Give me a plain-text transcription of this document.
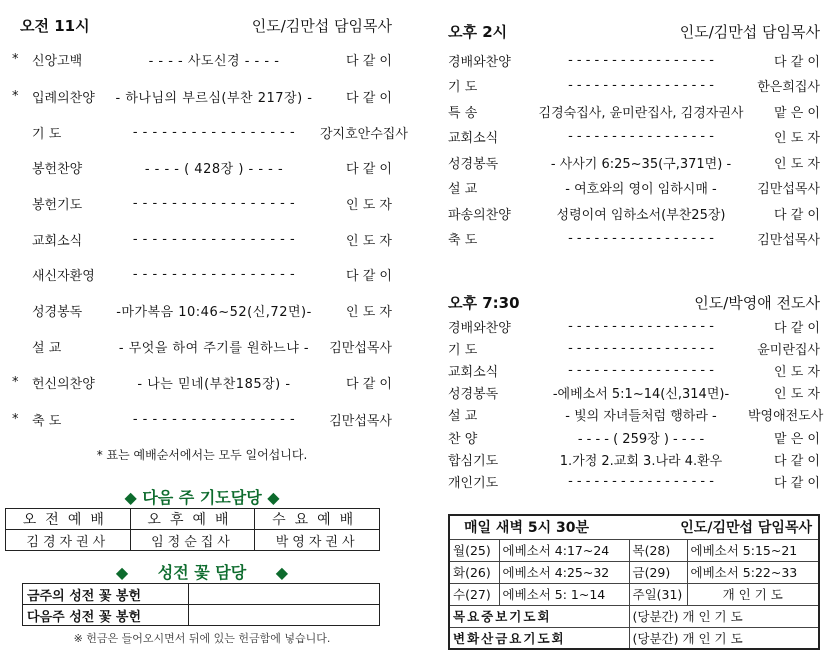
오전 11시	인도/김만섭 담임목사
*	신앙고백	- - - - 사도신경 - - - -	다 같 이
*	입례의찬양	- 하나님의 부르심(부찬 217장) -	다 같 이
기 도	- - - - - - - - - - - - - - - - -	강지호안수집사
봉헌찬양	- - - - ( 428장 ) - - - -	다 같 이
봉헌기도	- - - - - - - - - - - - - - - - -	인 도 자
교회소식	- - - - - - - - - - - - - - - - -	인 도 자
새신자환영	- - - - - - - - - - - - - - - - -	다 같 이
성경봉독	-마가복음 10:46~52(신,72면)-	인 도 자
설 교	- 무엇을 하여 주기를 원하느냐 -	김만섭목사
*	헌신의찬양	- 나는 믿네(부찬185장) -	다 같 이
*	축 도	- - - - - - - - - - - - - - - - -	김만섭목사
* 표는 예배순서에서는 모두 일어섭니다.
◆ 다음 주 기도담당 ◆
오전예배	오후예배	수요예배
김경자권사	임정순집사	박영자권사
◆ 성전 꽃 담당 ◆
금주의 성전 꽃 봉헌	
다음주 성전 꽃 봉헌	
※ 헌금은 들어오시면서 뒤에 있는 헌금함에 넣습니다.
오후 2시	인도/김만섭 담임목사
경배와찬양	- - - - - - - - - - - - - - - - -	다 같 이
기 도	- - - - - - - - - - - - - - - - -	한은희집사
특 송	김경숙집사, 윤미란집사, 김경자권사	맡 은 이
교회소식	- - - - - - - - - - - - - - - - -	인 도 자
성경봉독	- 사사기 6:25~35(구,371면) -	인 도 자
설 교	- 여호와의 영이 임하시매 -	김만섭목사
파송의찬양	성령이여 임하소서(부찬25장)	다 같 이
축 도	- - - - - - - - - - - - - - - - -	김만섭목사
오후 7:30	인도/박영애 전도사
경배와찬양	- - - - - - - - - - - - - - - - -	다 같 이
기 도	- - - - - - - - - - - - - - - - -	윤미란집사
교회소식	- - - - - - - - - - - - - - - - -	인 도 자
성경봉독	-에베소서 5:1~14(신,314면)-	인 도 자
설 교	- 빛의 자녀들처럼 행하라 -	박영애전도사
찬 양	- - - - ( 259장 ) - - - -	맡 은 이
합심기도	1.가정 2.교회 3.나라 4.환우	다 같 이
개인기도	- - - - - - - - - - - - - - - - -	다 같 이
매일 새벽 5시 30분		인도/김만섭 담임목사	
월(25)	에베소서 4:17~24	목(28)	에베소서 5:15~21
화(26)	에베소서 4:25~32	금(29)	에베소서 5:22~33
수(27)	에베소서 5: 1~14	주일(31)	개 인 기 도
목요중보기도회		(당분간) 개 인 기 도	
변화산금요기도회		(당분간) 개 인 기 도	
